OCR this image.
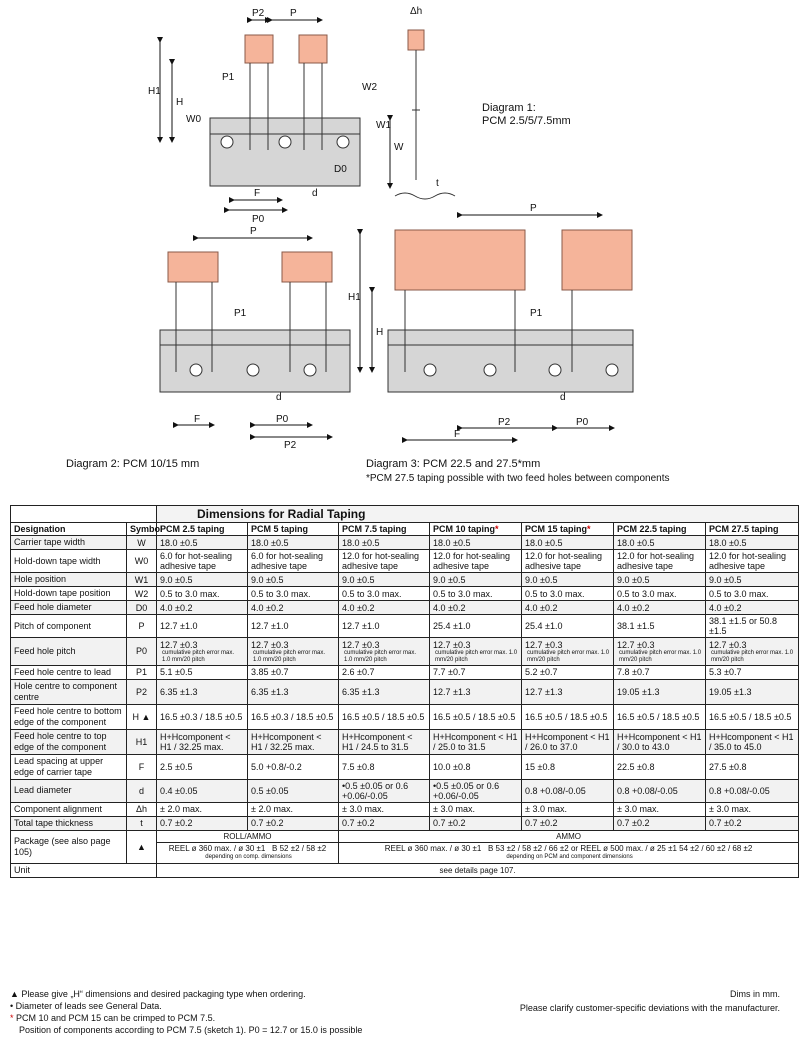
P2	P
P1
H1
H
W0
W2
W1
W
D0
F	d
P0
Δh
t
P
P1
F
d
P0
P2
P
H1
H
P1
d
P2	P0
F
Diagram 1:
PCM 2.5/5/7.5mm
Diagram 2: PCM 10/15 mm	Diagram 3: PCM 22.5 and 27.5*mm
*PCM 27.5 taping possible with two feed holes between components
		Dimensions for Radial Taping						
Designation	Symbol	PCM 2.5 taping	PCM 5 taping	PCM 7.5 taping	PCM 10 taping*	PCM 15 taping*	PCM 22.5 taping	PCM 27.5 taping
Carrier tape width	W	18.0 ±0.5	18.0 ±0.5	18.0 ±0.5	18.0 ±0.5	18.0 ±0.5	18.0 ±0.5	18.0 ±0.5
Hold-down tape width	W0	6.0 for hot-sealing adhesive tape	6.0 for hot-sealing adhesive tape	12.0 for hot-sealing adhesive tape	12.0 for hot-sealing adhesive tape	12.0 for hot-sealing adhesive tape	12.0 for hot-sealing adhesive tape	12.0 for hot-sealing adhesive tape
Hole position	W1	9.0 ±0.5	9.0 ±0.5	9.0 ±0.5	9.0 ±0.5	9.0 ±0.5	9.0 ±0.5	9.0 ±0.5
Hold-down tape position	W2	0.5 to 3.0 max.	0.5 to 3.0 max.	0.5 to 3.0 max.	0.5 to 3.0 max.	0.5 to 3.0 max.	0.5 to 3.0 max.	0.5 to 3.0 max.
Feed hole diameter	D0	4.0 ±0.2	4.0 ±0.2	4.0 ±0.2	4.0 ±0.2	4.0 ±0.2	4.0 ±0.2	4.0 ±0.2
Pitch of component	P	12.7 ±1.0	12.7 ±1.0	12.7 ±1.0	25.4 ±1.0	25.4 ±1.0	38.1 ±1.5	38.1 ±1.5 or 50.8 ±1.5
Feed hole pitch	P0	12.7 ±0.3cumulative pitch error max. 1.0 mm/20 pitch	12.7 ±0.3cumulative pitch error max. 1.0 mm/20 pitch	12.7 ±0.3cumulative pitch error max. 1.0 mm/20 pitch	12.7 ±0.3cumulative pitch error max. 1.0 mm/20 pitch	12.7 ±0.3cumulative pitch error max. 1.0 mm/20 pitch	12.7 ±0.3cumulative pitch error max. 1.0 mm/20 pitch	12.7 ±0.3cumulative pitch error max. 1.0 mm/20 pitch
Feed hole centre to lead	P1	5.1 ±0.5	3.85 ±0.7	2.6 ±0.7	7.7 ±0.7	5.2 ±0.7	7.8 ±0.7	5.3 ±0.7
Hole centre to component centre	P2	6.35 ±1.3	6.35 ±1.3	6.35 ±1.3	12.7 ±1.3	12.7 ±1.3	19.05 ±1.3	19.05 ±1.3
Feed hole centre to bottom edge of the component	H ▲	16.5 ±0.3 / 18.5 ±0.5	16.5 ±0.3 / 18.5 ±0.5	16.5 ±0.5 / 18.5 ±0.5	16.5 ±0.5 / 18.5 ±0.5	16.5 ±0.5 / 18.5 ±0.5	16.5 ±0.5 / 18.5 ±0.5	16.5 ±0.5 / 18.5 ±0.5
Feed hole centre to top edge of the component	H1	H+Hcomponent < H1 / 32.25 max.	H+Hcomponent < H1 / 32.25 max.	H+Hcomponent < H1 / 24.5 to 31.5	H+Hcomponent < H1 / 25.0 to 31.5	H+Hcomponent < H1 / 26.0 to 37.0	H+Hcomponent < H1 / 30.0 to 43.0	H+Hcomponent < H1 / 35.0 to 45.0
Lead spacing at upper edge of carrier tape	F	2.5 ±0.5	5.0 +0.8/-0.2	7.5 ±0.8	10.0 ±0.8	15 ±0.8	22.5 ±0.8	27.5 ±0.8
Lead diameter	d	0.4 ±0.05	0.5 ±0.05	•0.5 ±0.05 or 0.6 +0.06/-0.05	•0.5 ±0.05 or 0.6 +0.06/-0.05	0.8 +0.08/-0.05	0.8 +0.08/-0.05	0.8 +0.08/-0.05
Component alignment	Δh	± 2.0 max.	± 2.0 max.	± 3.0 max.	± 3.0 max.	± 3.0 max.	± 3.0 max.	± 3.0 max.
Total tape thickness	t	0.7 ±0.2	0.7 ±0.2	0.7 ±0.2	0.7 ±0.2	0.7 ±0.2	0.7 ±0.2	0.7 ±0.2
Package (see also page 105)	▲	ROLL/AMMO		AMMO				
		REEL ø 360 max. / ø 30 ±1 B 52 ±2 / 58 ±2 depending on comp. dimensions		REEL ø 360 max. / ø 30 ±1 B 53 ±2 / 58 ±2 / 66 ±2 or REEL ø 500 max. / ø 25 ±1 54 ±2 / 60 ±2 / 68 ±2 depending on PCM and component dimensions				
Unit		see details page 107.						
▲ Please give „H“ dimensions and desired packaging type when ordering.
• Diameter of leads see General Data.
* PCM 10 and PCM 15 can be crimped to PCM 7.5.
Position of components according to PCM 7.5 (sketch 1). P0 = 12.7 or 15.0 is possible
Dims in mm.
Please clarify customer-specific deviations with the manufacturer.
